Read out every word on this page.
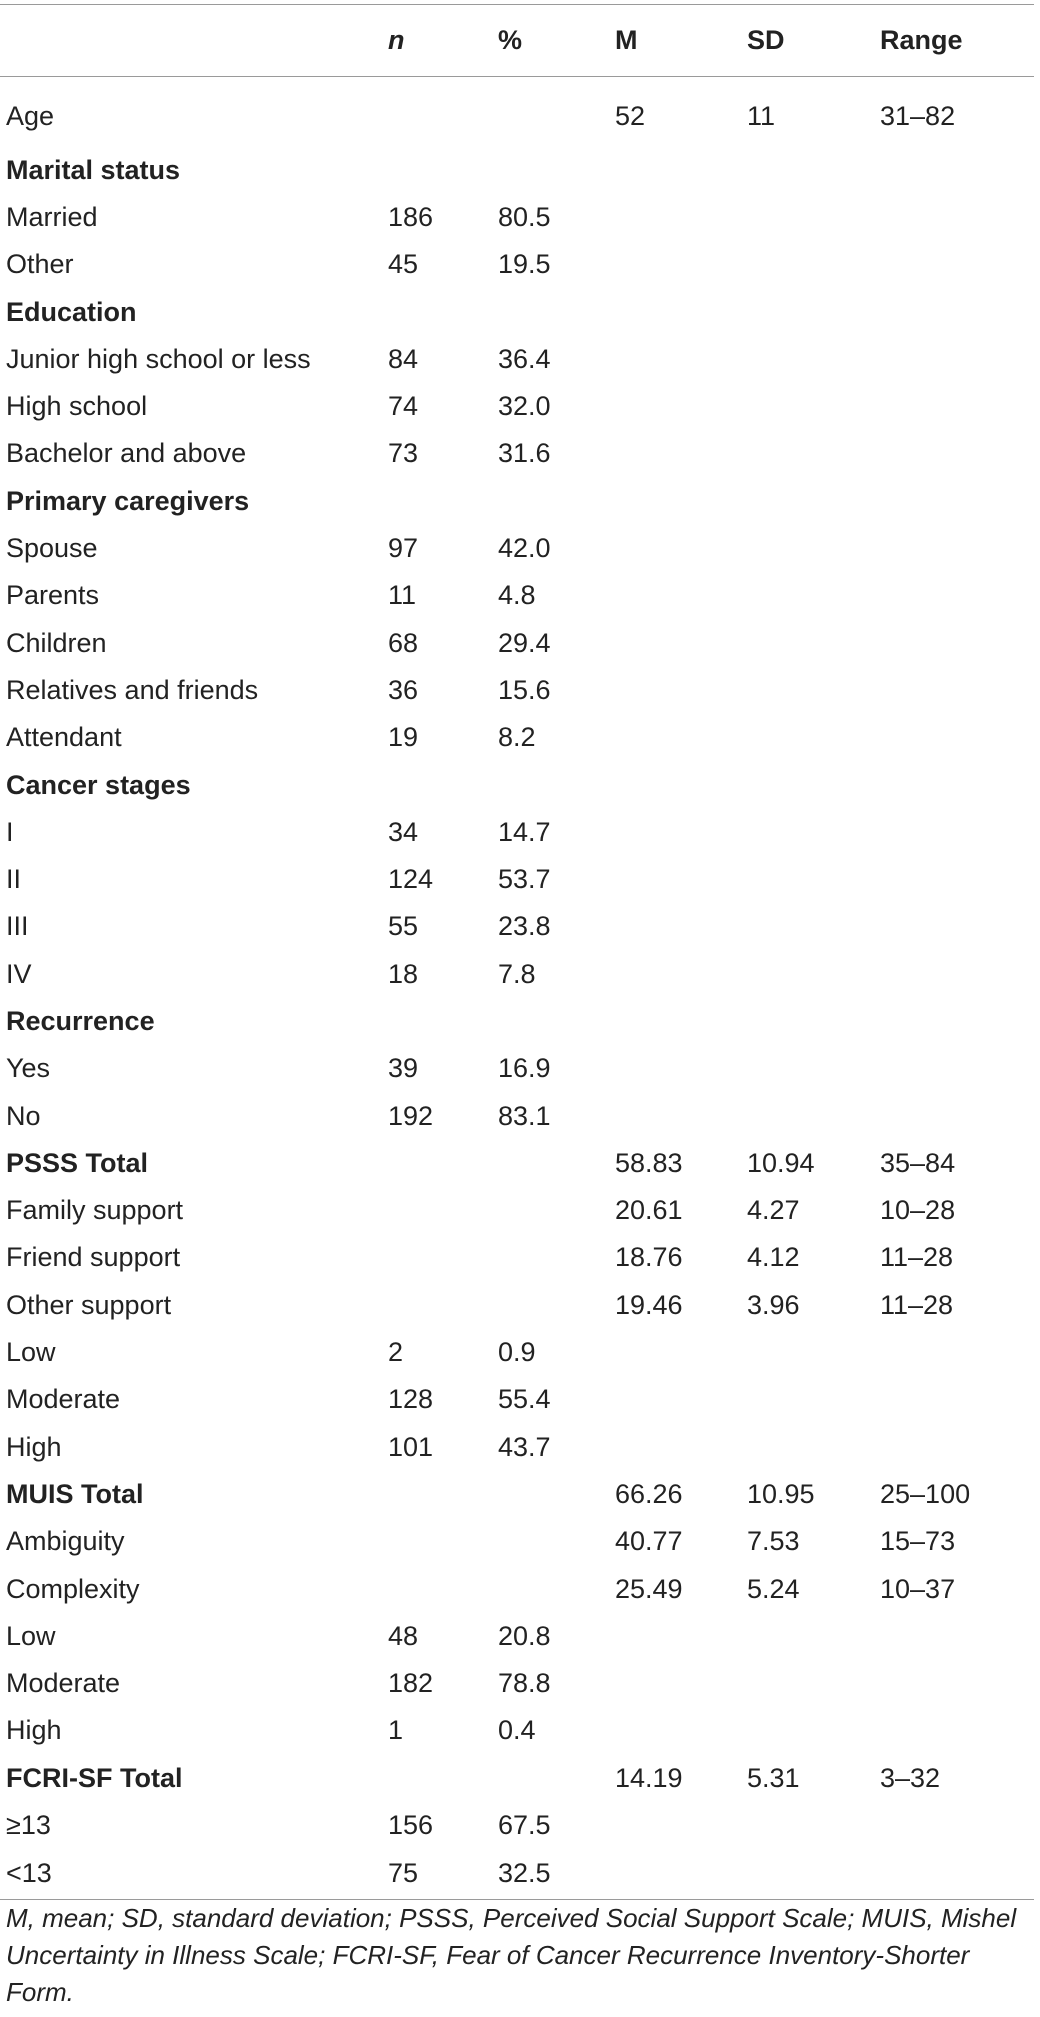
	n	%	M	SD	Range
Age			52	11	31–82
Marital status					
Married	186	80.5			
Other	45	19.5			
Education					
Junior high school or less	84	36.4			
High school	74	32.0			
Bachelor and above	73	31.6			
Primary caregivers					
Spouse	97	42.0			
Parents	11	4.8			
Children	68	29.4			
Relatives and friends	36	15.6			
Attendant	19	8.2			
Cancer stages					
I	34	14.7			
II	124	53.7			
III	55	23.8			
IV	18	7.8			
Recurrence					
Yes	39	16.9			
No	192	83.1			
PSSS Total			58.83	10.94	35–84
Family support			20.61	4.27	10–28
Friend support			18.76	4.12	11–28
Other support			19.46	3.96	11–28
Low	2	0.9			
Moderate	128	55.4			
High	101	43.7			
MUIS Total			66.26	10.95	25–100
Ambiguity			40.77	7.53	15–73
Complexity			25.49	5.24	10–37
Low	48	20.8			
Moderate	182	78.8			
High	1	0.4			
FCRI-SF Total			14.19	5.31	3–32
≥13	156	67.5			
<13	75	32.5			
M, mean; SD, standard deviation; PSSS, Perceived Social Support Scale; MUIS, Mishel Uncertainty in Illness Scale; FCRI-SF, Fear of Cancer Recurrence Inventory-Shorter Form.
